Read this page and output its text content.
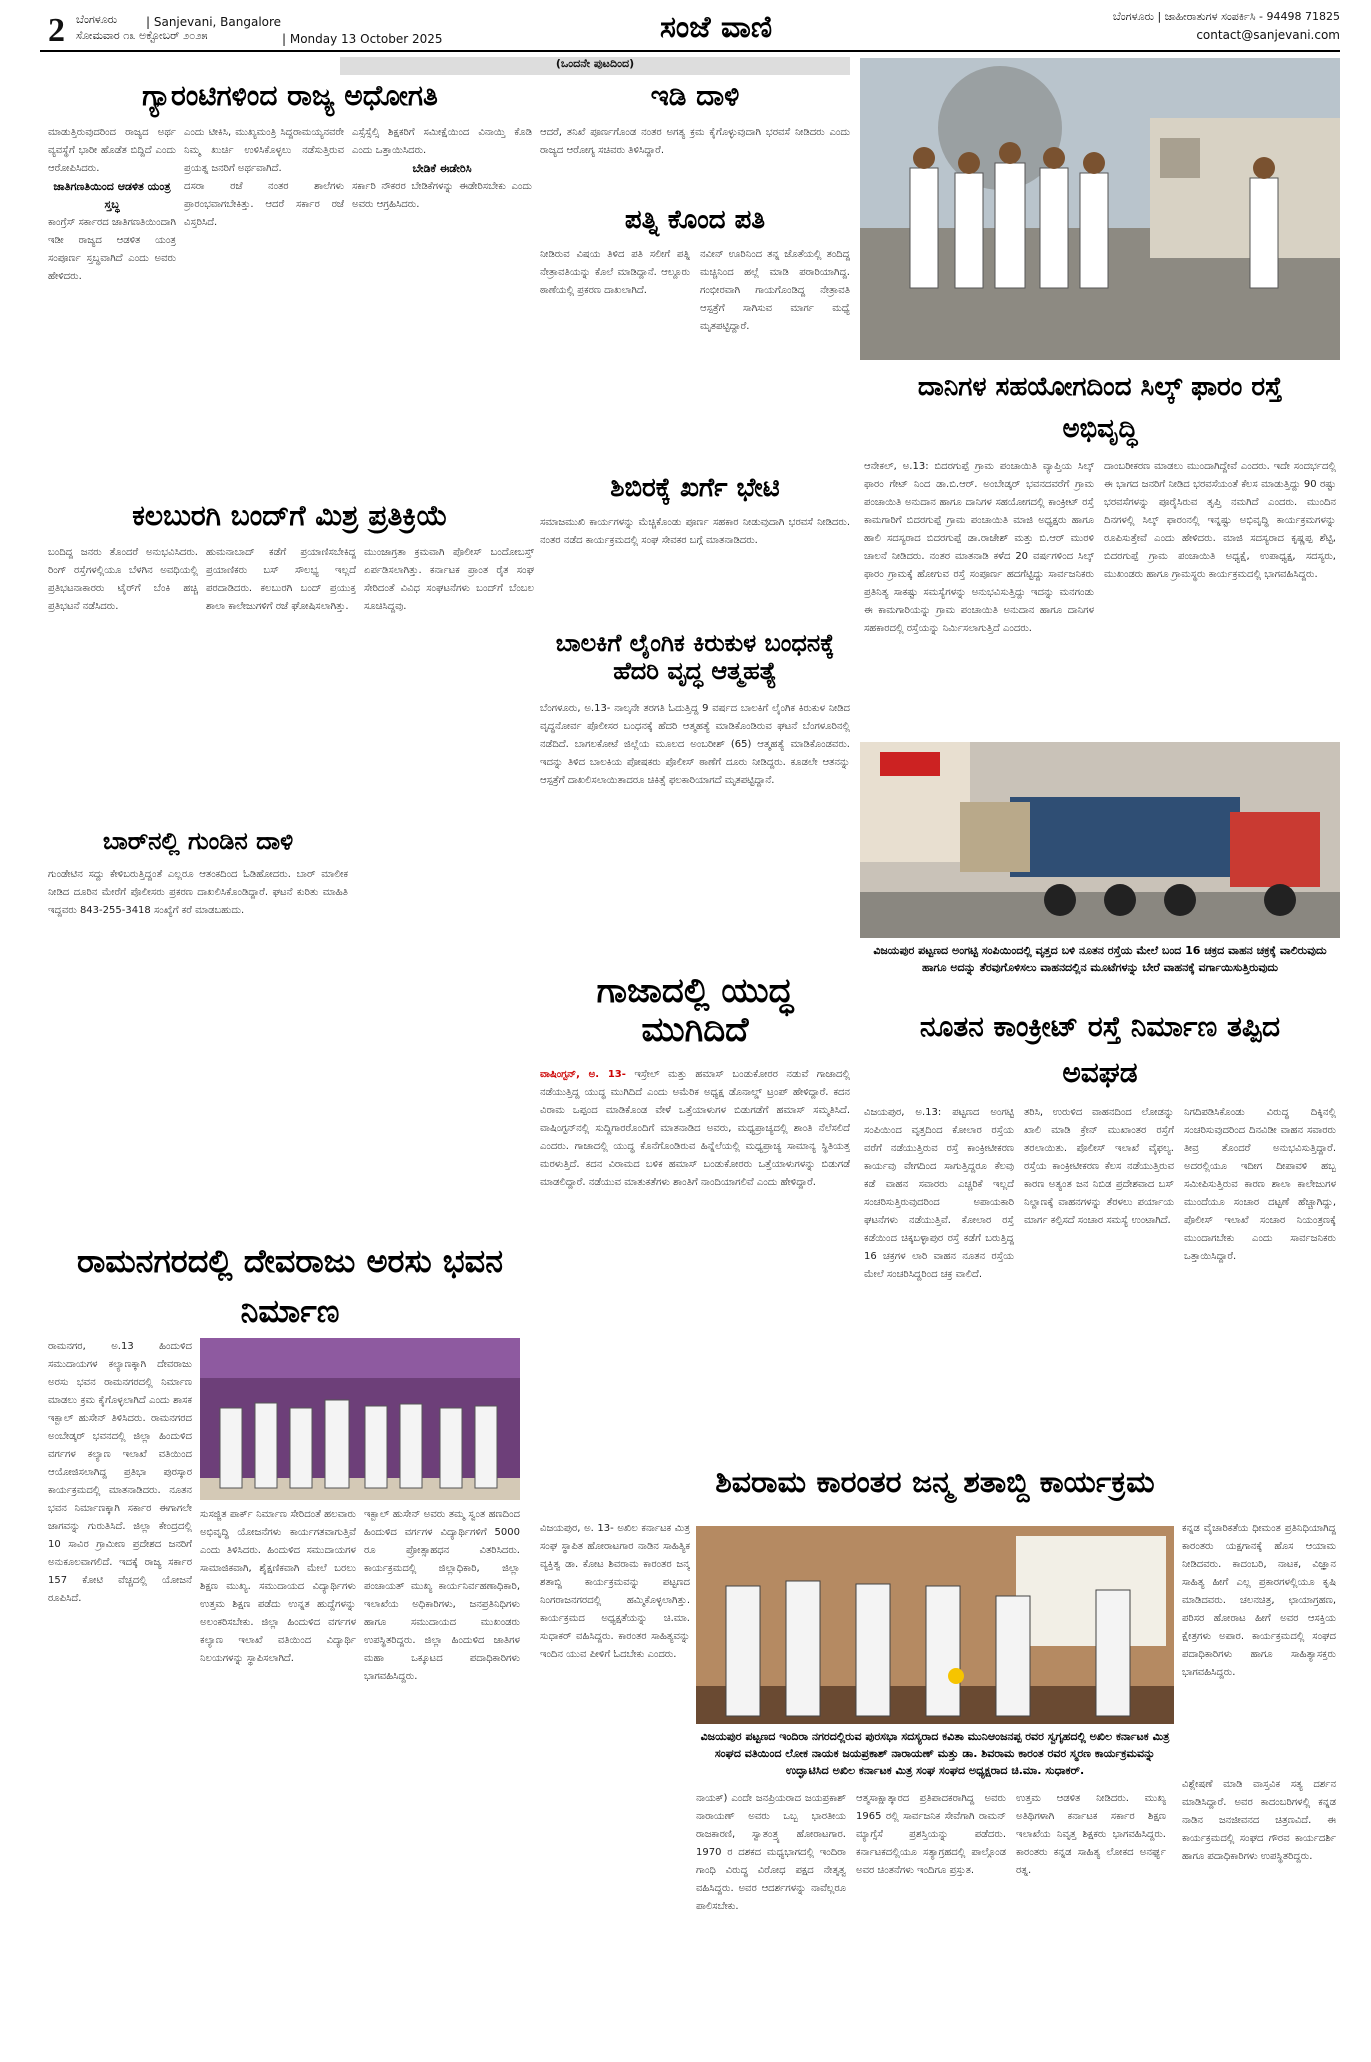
2 ಬೆಂಗಳೂರು
ಸೋಮವಾರ ೧೩ ಅಕ್ಟೋಬರ್ ೨೦೨೫
| Sanjevani, Bangalore
| Monday 13 October 2025	ಸಂಜೆ ವಾಣಿ	ಬೆಂಗಳೂರು | ಜಾಹೀರಾತುಗಳ ಸಂಪರ್ಕಿಸಿ - 94498 71825
contact@sanjevani.com
(ಒಂದನೇ ಪುಟದಿಂದ)
ಗ್ಯಾರಂಟಿಗಳಿಂದ ರಾಜ್ಯ ಅಧೋಗತಿ
ಮಾಡುತ್ತಿರುವುದರಿಂದ ರಾಜ್ಯದ ಅರ್ಥ ವ್ಯವಸ್ಥೆಗೆ ಭಾರೀ ಹೊಡೆತ ಬಿದ್ದಿದೆ ಎಂದು ಆರೋಪಿಸಿದರು.
ಜಾತಿಗಣತಿಯಿಂದ ಆಡಳಿತ ಯಂತ್ರ ಸ್ತಬ್ಧ
ಕಾಂಗ್ರೆಸ್ ಸರ್ಕಾರದ ಜಾತಿಗಣತಿಯಿಂದಾಗಿ ಇಡೀ ರಾಜ್ಯದ ಆಡಳಿತ ಯಂತ್ರ ಸಂಪೂರ್ಣ ಸ್ತಬ್ಧವಾಗಿದೆ ಎಂದು ಅವರು ಹೇಳಿದರು.
ಎಂದು ಟೀಕಿಸಿ, ಮುಖ್ಯಮಂತ್ರಿ ಸಿದ್ದರಾಮಯ್ಯನವರೇ ನಿಮ್ಮ ಖುರ್ಚಿ ಉಳಿಸಿಕೊಳ್ಳಲು ನಡೆಸುತ್ತಿರುವ ಪ್ರಯತ್ನ ಜನರಿಗೆ ಅರ್ಥವಾಗಿದೆ.
ದಸರಾ ರಜೆ ನಂತರ ಶಾಲೆಗಳು ಪ್ರಾರಂಭವಾಗಬೇಕಿತ್ತು. ಆದರೆ ಸರ್ಕಾರ ರಜೆ ವಿಸ್ತರಿಸಿದೆ.
ಎಸ್ಸೆಸ್ಸೆಲ್ಸಿ ಶಿಕ್ಷಕರಿಗೆ ಸಮೀಕ್ಷೆಯಿಂದ ವಿನಾಯ್ತಿ ಕೊಡಿ ಎಂದು ಒತ್ತಾಯಿಸಿದರು.
ಬೇಡಿಕೆ ಈಡೇರಿಸಿ
ಸರ್ಕಾರಿ ನೌಕರರ ಬೇಡಿಕೆಗಳನ್ನು ಈಡೇರಿಸಬೇಕು ಎಂದು ಅವರು ಆಗ್ರಹಿಸಿದರು.
ಕಲಬುರಗಿ ಬಂದ್‌ಗೆ ಮಿಶ್ರ ಪ್ರತಿಕ್ರಿಯೆ
ಬಂದಿದ್ದ ಜನರು ತೊಂದರೆ ಅನುಭವಿಸಿದರು. ರಿಂಗ್ ರಸ್ತೆಗಳಲ್ಲಿಯೂ ಬೆಳಗಿನ ಅವಧಿಯಲ್ಲಿ ಪ್ರತಿಭಟನಾಕಾರರು ಟೈರ್‌ಗೆ ಬೆಂಕಿ ಹಚ್ಚಿ ಪ್ರತಿಭಟನೆ ನಡೆಸಿದರು.
ಹುಮನಾಬಾದ್ ಕಡೆಗೆ ಪ್ರಯಾಣಿಸಬೇಕಿದ್ದ ಪ್ರಯಾಣಿಕರು ಬಸ್ ಸೌಲಭ್ಯ ಇಲ್ಲದೆ ಪರದಾಡಿದರು. ಕಲಬುರಗಿ ಬಂದ್ ಪ್ರಯುಕ್ತ ಶಾಲಾ ಕಾಲೇಜುಗಳಿಗೆ ರಜೆ ಘೋಷಿಸಲಾಗಿತ್ತು.
ಮುಂಜಾಗ್ರತಾ ಕ್ರಮವಾಗಿ ಪೊಲೀಸ್ ಬಂದೋಬಸ್ತ್ ಏರ್ಪಡಿಸಲಾಗಿತ್ತು. ಕರ್ನಾಟಕ ಪ್ರಾಂತ ರೈತ ಸಂಘ ಸೇರಿದಂತೆ ವಿವಿಧ ಸಂಘಟನೆಗಳು ಬಂದ್‌ಗೆ ಬೆಂಬಲ ಸೂಚಿಸಿದ್ದವು.
ಬಾರ್‌ನಲ್ಲಿ ಗುಂಡಿನ ದಾಳಿ
ಗುಂಡೇಟಿನ ಸದ್ದು ಕೇಳಿಬರುತ್ತಿದ್ದಂತೆ ಎಲ್ಲರೂ ಆತಂಕದಿಂದ ಓಡಿಹೋದರು. ಬಾರ್ ಮಾಲೀಕ ನೀಡಿದ ದೂರಿನ ಮೇರೆಗೆ ಪೊಲೀಸರು ಪ್ರಕರಣ ದಾಖಲಿಸಿಕೊಂಡಿದ್ದಾರೆ. ಘಟನೆ ಕುರಿತು ಮಾಹಿತಿ ಇದ್ದವರು 843-255-3418 ಸಂಖ್ಯೆಗೆ ಕರೆ ಮಾಡಬಹುದು.
ಇಡಿ ದಾಳಿ
ಆದರೆ, ತನಿಖೆ ಪೂರ್ಣಗೊಂಡ ನಂತರ ಅಗತ್ಯ ಕ್ರಮ ಕೈಗೊಳ್ಳುವುದಾಗಿ ಭರವಸೆ ನೀಡಿದರು ಎಂದು ರಾಜ್ಯದ ಆರೋಗ್ಯ ಸಚಿವರು ತಿಳಿಸಿದ್ದಾರೆ.
ಪತ್ನಿ ಕೊಂದ ಪತಿ
ನೀಡಿರುವ ವಿಷಯ ತಿಳಿದ ಪತಿ ಸಲೀಗೆ ಪತ್ನಿ ನೇತ್ರಾವತಿಯನ್ನು ಕೊಲೆ ಮಾಡಿದ್ದಾನೆ. ಆಲ್ದೂರು ಠಾಣೆಯಲ್ಲಿ ಪ್ರಕರಣ ದಾಖಲಾಗಿದೆ.
ನವೀನ್ ಊರಿನಿಂದ ತನ್ನ ಜೊತೆಯಲ್ಲಿ ತಂದಿದ್ದ ಮಚ್ಚಿನಿಂದ ಹಲ್ಲೆ ಮಾಡಿ ಪರಾರಿಯಾಗಿದ್ದ. ಗಂಭೀರವಾಗಿ ಗಾಯಗೊಂಡಿದ್ದ ನೇತ್ರಾವತಿ ಆಸ್ಪತ್ರೆಗೆ ಸಾಗಿಸುವ ಮಾರ್ಗ ಮಧ್ಯೆ ಮೃತಪಟ್ಟಿದ್ದಾರೆ.
ಶಿಬಿರಕ್ಕೆ ಖರ್ಗೆ ಭೇಟಿ
ಸಮಾಜಮುಖಿ ಕಾರ್ಯಗಳನ್ನು ಮೆಚ್ಚಿಕೊಂಡು ಪೂರ್ಣ ಸಹಕಾರ ನೀಡುವುದಾಗಿ ಭರವಸೆ ನೀಡಿದರು. ನಂತರ ನಡೆದ ಕಾರ್ಯಕ್ರಮದಲ್ಲಿ ಸಂಘ ಸೇವಕರ ಬಗ್ಗೆ ಮಾತನಾಡಿದರು.
ಬಾಲಕಿಗೆ ಲೈಂಗಿಕ ಕಿರುಕುಳ ಬಂಧನಕ್ಕೆ ಹೆದರಿ ವೃದ್ಧ ಆತ್ಮಹತ್ಯೆ
ಬೆಂಗಳೂರು, ಅ.13- ನಾಲ್ಕನೇ ತರಗತಿ ಓದುತ್ತಿದ್ದ 9 ವರ್ಷದ ಬಾಲಕಿಗೆ ಲೈಂಗಿಕ ಕಿರುಕುಳ ನೀಡಿದ ವೃದ್ಧನೋರ್ವ ಪೊಲೀಸರ ಬಂಧನಕ್ಕೆ ಹೆದರಿ ಆತ್ಮಹತ್ಯೆ ಮಾಡಿಕೊಂಡಿರುವ ಘಟನೆ ಬೆಂಗಳೂರಿನಲ್ಲಿ ನಡೆದಿದೆ. ಬಾಗಲಕೋಟೆ ಜಿಲ್ಲೆಯ ಮೂಲದ ಅಂಬರೀಶ್ (65) ಆತ್ಮಹತ್ಯೆ ಮಾಡಿಕೊಂಡವರು. ಇದನ್ನು ತಿಳಿದ ಬಾಲಕಿಯ ಪೋಷಕರು ಪೊಲೀಸ್ ಠಾಣೆಗೆ ದೂರು ನೀಡಿದ್ದರು. ಕೂಡಲೇ ಆತನನ್ನು ಆಸ್ಪತ್ರೆಗೆ ದಾಖಲಿಸಲಾಯಿತಾದರೂ ಚಿಕಿತ್ಸೆ ಫಲಕಾರಿಯಾಗದೆ ಮೃತಪಟ್ಟಿದ್ದಾನೆ.
ಗಾಜಾದಲ್ಲಿ ಯುದ್ಧ ಮುಗಿದಿದೆ
ವಾಷಿಂಗ್ಟನ್, ಅ. 13- ಇಸ್ರೇಲ್ ಮತ್ತು ಹಮಾಸ್ ಬಂಡುಕೋರರ ನಡುವೆ ಗಾಜಾದಲ್ಲಿ ನಡೆಯುತ್ತಿದ್ದ ಯುದ್ಧ ಮುಗಿದಿದೆ ಎಂದು ಅಮೆರಿಕ ಅಧ್ಯಕ್ಷ ಡೊನಾಲ್ಡ್ ಟ್ರಂಪ್ ಹೇಳಿದ್ದಾರೆ. ಕದನ ವಿರಾಮ ಒಪ್ಪಂದ ಮಾಡಿಕೊಂಡ ವೇಳೆ ಒತ್ತೆಯಾಳುಗಳ ಬಿಡುಗಡೆಗೆ ಹಮಾಸ್ ಸಮ್ಮತಿಸಿದೆ. ವಾಷಿಂಗ್ಟನ್‌ನಲ್ಲಿ ಸುದ್ದಿಗಾರರೊಂದಿಗೆ ಮಾತನಾಡಿದ ಅವರು, ಮಧ್ಯಪ್ರಾಚ್ಯದಲ್ಲಿ ಶಾಂತಿ ನೆಲೆಸಲಿದೆ ಎಂದರು. ಗಾಜಾದಲ್ಲಿ ಯುದ್ಧ ಕೊನೆಗೊಂಡಿರುವ ಹಿನ್ನೆಲೆಯಲ್ಲಿ ಮಧ್ಯಪ್ರಾಚ್ಯ ಸಾಮಾನ್ಯ ಸ್ಥಿತಿಯತ್ತ ಮರಳುತ್ತಿದೆ. ಕದನ ವಿರಾಮದ ಬಳಿಕ ಹಮಾಸ್ ಬಂಡುಕೋರರು ಒತ್ತೆಯಾಳುಗಳನ್ನು ಬಿಡುಗಡೆ ಮಾಡಲಿದ್ದಾರೆ. ನಡೆಯುವ ಮಾತುಕತೆಗಳು ಶಾಂತಿಗೆ ನಾಂದಿಯಾಗಲಿವೆ ಎಂದು ಹೇಳಿದ್ದಾರೆ.
ದಾನಿಗಳ ಸಹಯೋಗದಿಂದ ಸಿಲ್ಕ್ ಫಾರಂ ರಸ್ತೆ ಅಭಿವೃದ್ಧಿ
ಆನೇಕಲ್, ಅ.13: ಬಿದರಗುಪ್ಪೆ ಗ್ರಾಮ ಪಂಚಾಯಿತಿ ವ್ಯಾಪ್ತಿಯ ಸಿಲ್ಕ್ ಫಾರಂ ಗೇಟ್ ನಿಂದ ಡಾ.ಬಿ.ಆರ್. ಅಂಬೇಡ್ಕರ್ ಭವನದವರೆಗೆ ಗ್ರಾಮ ಪಂಚಾಯಿತಿ ಅನುದಾನ ಹಾಗೂ ದಾನಿಗಳ ಸಹಯೋಗದಲ್ಲಿ ಕಾಂಕ್ರೀಟ್ ರಸ್ತೆ ಕಾಮಗಾರಿಗೆ ಬಿದರಗುಪ್ಪೆ ಗ್ರಾಮ ಪಂಚಾಯಿತಿ ಮಾಜಿ ಅಧ್ಯಕ್ಷರು ಹಾಗೂ ಹಾಲಿ ಸದಸ್ಯರಾದ ಬಿದರಗುಪ್ಪೆ ಡಾ.ರಾಜೇಶ್ ಮತ್ತು ಬಿ.ಆರ್ ಮುರಳಿ ಚಾಲನೆ ನೀಡಿದರು. ನಂತರ ಮಾತನಾಡಿ ಕಳೆದ 20 ವರ್ಷಗಳಿಂದ ಸಿಲ್ಕ್ ಫಾರಂ ಗ್ರಾಮಕ್ಕೆ ಹೋಗುವ ರಸ್ತೆ ಸಂಪೂರ್ಣ ಹದಗೆಟ್ಟಿದ್ದು ಸಾರ್ವಜನಿಕರು ಪ್ರತಿನಿತ್ಯ ಸಾಕಷ್ಟು ಸಮಸ್ಯೆಗಳನ್ನು ಅನುಭವಿಸುತ್ತಿದ್ದು ಇದನ್ನು ಮನಗಂಡು ಈ ಕಾಮಗಾರಿಯನ್ನು ಗ್ರಾಮ ಪಂಚಾಯಿತಿ ಅನುದಾನ ಹಾಗೂ ದಾನಿಗಳ ಸಹಕಾರದಲ್ಲಿ ರಸ್ತೆಯನ್ನು ನಿರ್ಮಿಸಲಾಗುತ್ತಿದೆ ಎಂದರು.
ದಾಂಬರೀಕರಣ ಮಾಡಲು ಮುಂದಾಗಿದ್ದೇವೆ ಎಂದರು. ಇದೇ ಸಂದರ್ಭದಲ್ಲಿ ಈ ಭಾಗದ ಜನರಿಗೆ ನೀಡಿದ ಭರವಸೆಯಂತೆ ಕೆಲಸ ಮಾಡುತ್ತಿದ್ದು 90 ರಷ್ಟು ಭರವಸೆಗಳನ್ನು ಪೂರೈಸಿರುವ ತೃಪ್ತಿ ನಮಗಿದೆ ಎಂದರು. ಮುಂದಿನ ದಿನಗಳಲ್ಲಿ ಸಿಲ್ಕ್ ಫಾರಂನಲ್ಲಿ ಇನ್ನಷ್ಟು ಅಭಿವೃದ್ಧಿ ಕಾರ್ಯಕ್ರಮಗಳನ್ನು ರೂಪಿಸುತ್ತೇವೆ ಎಂದು ಹೇಳಿದರು. ಮಾಜಿ ಸದಸ್ಯರಾದ ಕೃಷ್ಣಪ್ಪ ಶೆಟ್ಟಿ, ಬಿದರಗುಪ್ಪೆ ಗ್ರಾಮ ಪಂಚಾಯಿತಿ ಅಧ್ಯಕ್ಷೆ, ಉಪಾಧ್ಯಕ್ಷ, ಸದಸ್ಯರು, ಮುಖಂಡರು ಹಾಗೂ ಗ್ರಾಮಸ್ಥರು ಕಾರ್ಯಕ್ರಮದಲ್ಲಿ ಭಾಗವಹಿಸಿದ್ದರು.
ವಿಜಯಪುರ ಪಟ್ಟಣದ ಅಂಗಟ್ಟಿ ಸಂಪಿಯಿಂದಲ್ಲಿ ವೃತ್ತದ ಬಳಿ ನೂತನ ರಸ್ತೆಯ ಮೇಲೆ ಬಂದ 16 ಚಕ್ರದ ವಾಹನ ಚಕ್ರಕ್ಕೆ ವಾಲಿರುವುದು ಹಾಗೂ ಅದನ್ನು ತೆರವುಗೊಳಿಸಲು ವಾಹನದಲ್ಲಿನ ಮೂಟೆಗಳನ್ನು ಬೇರೆ ವಾಹನಕ್ಕೆ ವರ್ಗಾಯಿಸುತ್ತಿರುವುದು
ನೂತನ ಕಾಂಕ್ರೀಟ್ ರಸ್ತೆ ನಿರ್ಮಾಣ ತಪ್ಪಿದ ಅವಘಡ
ವಿಜಯಪುರ, ಅ.13: ಪಟ್ಟಣದ ಅಂಗಟ್ಟಿ ಸಂಪಿಯಿಂದ ವೃತ್ತದಿಂದ ಕೋಲಾರ ರಸ್ತೆಯ ವರೆಗೆ ನಡೆಯುತ್ತಿರುವ ರಸ್ತೆ ಕಾಂಕ್ರೀಟೀಕರಣ ಕಾರ್ಯವು ವೇಗದಿಂದ ಸಾಗುತ್ತಿದ್ದರೂ ಕೆಲವು ಕಡೆ ವಾಹನ ಸವಾರರು ಎಚ್ಚರಿಕೆ ಇಲ್ಲದೆ ಸಂಚರಿಸುತ್ತಿರುವುದರಿಂದ ಅಪಾಯಕಾರಿ ಘಟನೆಗಳು ನಡೆಯುತ್ತಿವೆ. ಕೋಲಾರ ರಸ್ತೆ ಕಡೆಯಿಂದ ಚಿಕ್ಕಬಳ್ಳಾಪುರ ರಸ್ತೆ ಕಡೆಗೆ ಬರುತ್ತಿದ್ದ 16 ಚಕ್ರಗಳ ಲಾರಿ ವಾಹನ ನೂತನ ರಸ್ತೆಯ ಮೇಲೆ ಸಂಚರಿಸಿದ್ದರಿಂದ ಚಕ್ರ ವಾಲಿದೆ.
ತರಿಸಿ, ಉರುಳಿದ ವಾಹನದಿಂದ ಲೋಡನ್ನು ಖಾಲಿ ಮಾಡಿ ಕ್ರೇನ್ ಮುಖಾಂತರ ರಸ್ತೆಗೆ ತರಲಾಯಿತು. ಪೊಲೀಸ್ ಇಲಾಖೆ ವೈಫಲ್ಯ. ರಸ್ತೆಯ ಕಾಂಕ್ರೀಟೀಕರಣ ಕೆಲಸ ನಡೆಯುತ್ತಿರುವ ಕಾರಣ ಅತ್ಯಂತ ಜನ ನಿಬಿಡ ಪ್ರದೇಶವಾದ ಬಸ್ ನಿಲ್ದಾಣಕ್ಕೆ ವಾಹನಗಳನ್ನು ತೆರಳಲು ಪರ್ಯಾಯ ಮಾರ್ಗ ಕಲ್ಪಿಸದೆ ಸಂಚಾರ ಸಮಸ್ಯೆ ಉಂಟಾಗಿದೆ.
ನಿಗದಿಪಡಿಸಿಕೊಂಡು ವಿರುದ್ಧ ದಿಕ್ಕಿನಲ್ಲಿ ಸಂಚರಿಸುವುದರಿಂದ ದಿನವಿಡೀ ವಾಹನ ಸವಾರರು ತೀವ್ರ ತೊಂದರೆ ಅನುಭವಿಸುತ್ತಿದ್ದಾರೆ. ಅದರಲ್ಲಿಯೂ ಇದೀಗ ದೀಪಾವಳಿ ಹಬ್ಬ ಸಮೀಪಿಸುತ್ತಿರುವ ಕಾರಣ ಶಾಲಾ ಕಾಲೇಜುಗಳ ಮುಂದೆಯೂ ಸಂಚಾರ ದಟ್ಟಣೆ ಹೆಚ್ಚಾಗಿದ್ದು, ಪೊಲೀಸ್ ಇಲಾಖೆ ಸಂಚಾರ ನಿಯಂತ್ರಣಕ್ಕೆ ಮುಂದಾಗಬೇಕು ಎಂದು ಸಾರ್ವಜನಿಕರು ಒತ್ತಾಯಿಸಿದ್ದಾರೆ.
ರಾಮನಗರದಲ್ಲಿ ದೇವರಾಜು ಅರಸು ಭವನ ನಿರ್ಮಾಣ
ರಾಮನಗರ, ಅ.13 ಹಿಂದುಳಿದ ಸಮುದಾಯಗಳ ಕಲ್ಯಾಣಕ್ಕಾಗಿ ದೇವರಾಜು ಅರಸು ಭವನ ರಾಮನಗರದಲ್ಲಿ ನಿರ್ಮಾಣ ಮಾಡಲು ಕ್ರಮ ಕೈಗೊಳ್ಳಲಾಗಿದೆ ಎಂದು ಶಾಸಕ ಇಕ್ಬಾಲ್ ಹುಸೇನ್ ತಿಳಿಸಿದರು. ರಾಮನಗರದ ಅಂಬೇಡ್ಕರ್ ಭವನದಲ್ಲಿ ಜಿಲ್ಲಾ ಹಿಂದುಳಿದ ವರ್ಗಗಳ ಕಲ್ಯಾಣ ಇಲಾಖೆ ವತಿಯಿಂದ ಆಯೋಜಿಸಲಾಗಿದ್ದ ಪ್ರತಿಭಾ ಪುರಸ್ಕಾರ ಕಾರ್ಯಕ್ರಮದಲ್ಲಿ ಮಾತನಾಡಿದರು. ನೂತನ ಭವನ ನಿರ್ಮಾಣಕ್ಕಾಗಿ ಸರ್ಕಾರ ಈಗಾಗಲೇ ಜಾಗವನ್ನು ಗುರುತಿಸಿದೆ. ಜಿಲ್ಲಾ ಕೇಂದ್ರದಲ್ಲಿ 10 ಸಾವಿರ ಗ್ರಾಮೀಣ ಪ್ರದೇಶದ ಜನರಿಗೆ ಅನುಕೂಲವಾಗಲಿದೆ. ಇದಕ್ಕೆ ರಾಜ್ಯ ಸರ್ಕಾರ 157 ಕೋಟಿ ವೆಚ್ಚದಲ್ಲಿ ಯೋಜನೆ ರೂಪಿಸಿದೆ.
ಸುಸಜ್ಜಿತ ಪಾರ್ಕ್ ನಿರ್ಮಾಣ ಸೇರಿದಂತೆ ಹಲವಾರು ಅಭಿವೃದ್ಧಿ ಯೋಜನೆಗಳು ಕಾರ್ಯಗತವಾಗುತ್ತಿವೆ ಎಂದು ತಿಳಿಸಿದರು. ಹಿಂದುಳಿದ ಸಮುದಾಯಗಳ ಸಾಮಾಜಿಕವಾಗಿ, ಶೈಕ್ಷಣಿಕವಾಗಿ ಮೇಲೆ ಬರಲು ಶಿಕ್ಷಣ ಮುಖ್ಯ. ಸಮುದಾಯದ ವಿದ್ಯಾರ್ಥಿಗಳು ಉತ್ತಮ ಶಿಕ್ಷಣ ಪಡೆದು ಉನ್ನತ ಹುದ್ದೆಗಳನ್ನು ಅಲಂಕರಿಸಬೇಕು. ಜಿಲ್ಲಾ ಹಿಂದುಳಿದ ವರ್ಗಗಳ ಕಲ್ಯಾಣ ಇಲಾಖೆ ವತಿಯಿಂದ ವಿದ್ಯಾರ್ಥಿ ನಿಲಯಗಳನ್ನು ಸ್ಥಾಪಿಸಲಾಗಿದೆ.
ಇಕ್ಬಾಲ್ ಹುಸೇನ್ ಅವರು ತಮ್ಮ ಸ್ವಂತ ಹಣದಿಂದ ಹಿಂದುಳಿದ ವರ್ಗಗಳ ವಿದ್ಯಾರ್ಥಿಗಳಿಗೆ 5000 ರೂ ಪ್ರೋತ್ಸಾಹಧನ ವಿತರಿಸಿದರು. ಕಾರ್ಯಕ್ರಮದಲ್ಲಿ ಜಿಲ್ಲಾಧಿಕಾರಿ, ಜಿಲ್ಲಾ ಪಂಚಾಯತ್ ಮುಖ್ಯ ಕಾರ್ಯನಿರ್ವಹಣಾಧಿಕಾರಿ, ಇಲಾಖೆಯ ಅಧಿಕಾರಿಗಳು, ಜನಪ್ರತಿನಿಧಿಗಳು ಹಾಗೂ ಸಮುದಾಯದ ಮುಖಂಡರು ಉಪಸ್ಥಿತರಿದ್ದರು. ಜಿಲ್ಲಾ ಹಿಂದುಳಿದ ಜಾತಿಗಳ ಮಹಾ ಒಕ್ಕೂಟದ ಪದಾಧಿಕಾರಿಗಳು ಭಾಗವಹಿಸಿದ್ದರು.
ಶಿವರಾಮ ಕಾರಂತರ ಜನ್ಮ ಶತಾಬ್ದಿ ಕಾರ್ಯಕ್ರಮ
ವಿಜಯಪುರ, ಅ. 13- ಅಖಿಲ ಕರ್ನಾಟಕ ಮಿತ್ರ ಸಂಘ ಸ್ಥಾಪಿತ ಹೋರಾಟಗಾರ ನಾಡಿನ ಸಾಹಿತ್ಯಿಕ ವ್ಯಕ್ತಿತ್ವ ಡಾ. ಕೋಟ ಶಿವರಾಮ ಕಾರಂತರ ಜನ್ಮ ಶತಾಬ್ದಿ ಕಾರ್ಯಕ್ರಮವನ್ನು ಪಟ್ಟಣದ ನಿಂಗರಾಜನಗರದಲ್ಲಿ ಹಮ್ಮಿಕೊಳ್ಳಲಾಗಿತ್ತು. ಕಾರ್ಯಕ್ರಮದ ಅಧ್ಯಕ್ಷತೆಯನ್ನು ಚಿ.ಮಾ. ಸುಧಾಕರ್ ವಹಿಸಿದ್ದರು. ಕಾರಂತರ ಸಾಹಿತ್ಯವನ್ನು ಇಂದಿನ ಯುವ ಪೀಳಿಗೆ ಓದಬೇಕು ಎಂದರು.
ಕನ್ನಡ ವೈಚಾರಿಕತೆಯ ಧೀಮಂತ ಪ್ರತಿನಿಧಿಯಾಗಿದ್ದ ಕಾರಂತರು ಯಕ್ಷಗಾನಕ್ಕೆ ಹೊಸ ಆಯಾಮ ನೀಡಿದವರು. ಕಾದಂಬರಿ, ನಾಟಕ, ವಿಜ್ಞಾನ ಸಾಹಿತ್ಯ ಹೀಗೆ ಎಲ್ಲ ಪ್ರಕಾರಗಳಲ್ಲಿಯೂ ಕೃಷಿ ಮಾಡಿದವರು. ಚಲನಚಿತ್ರ, ಛಾಯಾಗ್ರಹಣ, ಪರಿಸರ ಹೋರಾಟ ಹೀಗೆ ಅವರ ಆಸಕ್ತಿಯ ಕ್ಷೇತ್ರಗಳು ಅಪಾರ. ಕಾರ್ಯಕ್ರಮದಲ್ಲಿ ಸಂಘದ ಪದಾಧಿಕಾರಿಗಳು ಹಾಗೂ ಸಾಹಿತ್ಯಾಸಕ್ತರು ಭಾಗವಹಿಸಿದ್ದರು.
ವಿಜಯಪುರ ಪಟ್ಟಣದ ಇಂದಿರಾ ನಗರದಲ್ಲಿರುವ ಪುರಸಭಾ ಸದಸ್ಯರಾದ ಕವಿತಾ ಮುನಿಆಂಜನಪ್ಪ ರವರ ಸ್ವಗೃಹದಲ್ಲಿ ಅಖಿಲ ಕರ್ನಾಟಕ ಮಿತ್ರ ಸಂಘದ ವತಿಯಿಂದ ಲೋಕ ನಾಯಕ ಜಯಪ್ರಕಾಶ್ ನಾರಾಯಣ್ ಮತ್ತು ಡಾ. ಶಿವರಾಮ ಕಾರಂತ ರವರ ಸ್ಮರಣ ಕಾರ್ಯಕ್ರಮವನ್ನು ಉದ್ಘಾಟಿಸಿದ ಅಖಿಲ ಕರ್ನಾಟಕ ಮಿತ್ರ ಸಂಘ ಸಂಘದ ಅಧ್ಯಕ್ಷರಾದ ಚಿ.ಮಾ. ಸುಧಾಕರ್.
ನಾಯಕ್) ಎಂದೇ ಜನಪ್ರಿಯರಾದ ಜಯಪ್ರಕಾಶ್ ನಾರಾಯಣ್ ಅವರು ಒಬ್ಬ ಭಾರತೀಯ ರಾಜಕಾರಣಿ, ಸ್ವಾತಂತ್ರ್ಯ ಹೋರಾಟಗಾರ. 1970 ರ ದಶಕದ ಮಧ್ಯಭಾಗದಲ್ಲಿ ಇಂದಿರಾ ಗಾಂಧಿ ವಿರುದ್ಧ ವಿರೋಧ ಪಕ್ಷದ ನೇತೃತ್ವ ವಹಿಸಿದ್ದರು. ಅವರ ಆದರ್ಶಗಳನ್ನು ನಾವೆಲ್ಲರೂ ಪಾಲಿಸಬೇಕು.
ಆತ್ಮಸಾಕ್ಷಾತ್ಕಾರದ ಪ್ರತಿಪಾದಕರಾಗಿದ್ದ ಅವರು 1965 ರಲ್ಲಿ ಸಾರ್ವಜನಿಕ ಸೇವೆಗಾಗಿ ರಾಮನ್ ಮ್ಯಾಗ್ಸೆಸೆ ಪ್ರಶಸ್ತಿಯನ್ನು ಪಡೆದರು. ಕರ್ನಾಟಕದಲ್ಲಿಯೂ ಸತ್ಯಾಗ್ರಹದಲ್ಲಿ ಪಾಲ್ಗೊಂಡ ಅವರ ಚಿಂತನೆಗಳು ಇಂದಿಗೂ ಪ್ರಸ್ತುತ.
ಉತ್ತಮ ಆಡಳಿತ ನೀಡಿದರು. ಮುಖ್ಯ ಅತಿಥಿಗಳಾಗಿ ಕರ್ನಾಟಕ ಸರ್ಕಾರ ಶಿಕ್ಷಣ ಇಲಾಖೆಯ ನಿವೃತ್ತ ಶಿಕ್ಷಕರು ಭಾಗವಹಿಸಿದ್ದರು. ಕಾರಂತರು ಕನ್ನಡ ಸಾಹಿತ್ಯ ಲೋಕದ ಅನರ್ಘ್ಯ ರತ್ನ.
ವಿಶ್ಲೇಷಣೆ ಮಾಡಿ ವಾಸ್ತವಿಕ ಸತ್ಯ ದರ್ಶನ ಮಾಡಿಸಿದ್ದಾರೆ. ಅವರ ಕಾದಂಬರಿಗಳಲ್ಲಿ ಕನ್ನಡ ನಾಡಿನ ಜನಜೀವನದ ಚಿತ್ರಣವಿದೆ. ಈ ಕಾರ್ಯಕ್ರಮದಲ್ಲಿ ಸಂಘದ ಗೌರವ ಕಾರ್ಯದರ್ಶಿ ಹಾಗೂ ಪದಾಧಿಕಾರಿಗಳು ಉಪಸ್ಥಿತರಿದ್ದರು.
